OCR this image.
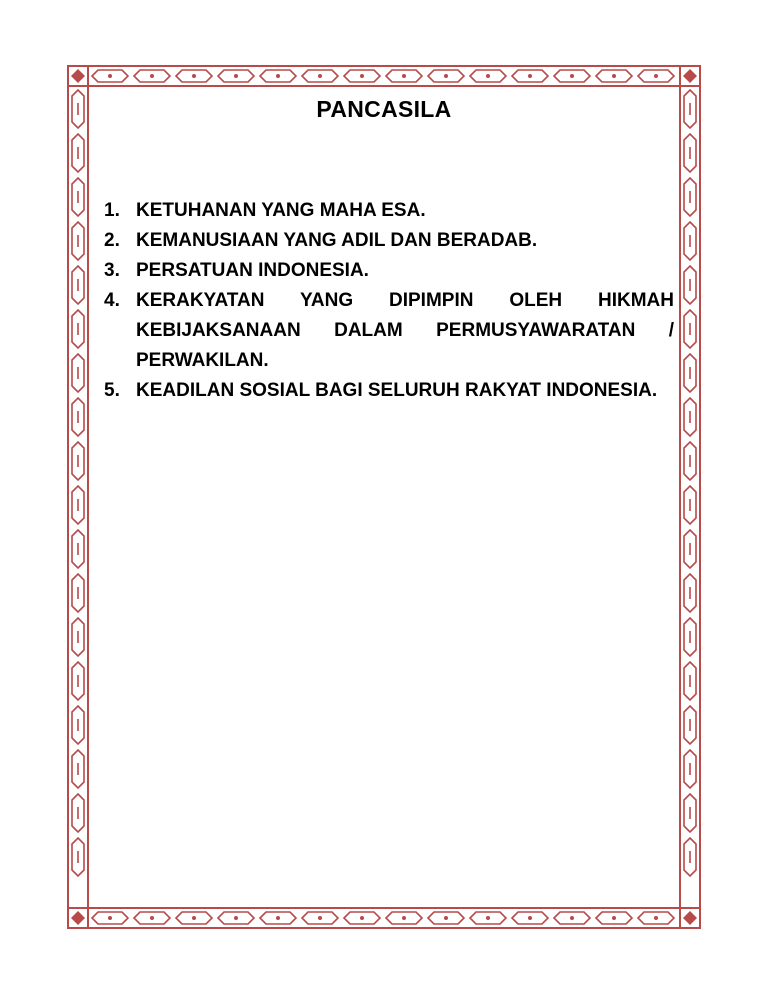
PANCASILA
1. KETUHANAN YANG MAHA ESA.
2. KEMANUSIAAN YANG ADIL DAN BERADAB.
3. PERSATUAN INDONESIA.
4. KERAKYATAN YANG DIPIMPIN OLEH HIKMAH KEBIJAKSANAAN DALAM PERMUSYAWARATAN / PERWAKILAN.
5. KEADILAN SOSIAL BAGI SELURUH RAKYAT INDONESIA.
